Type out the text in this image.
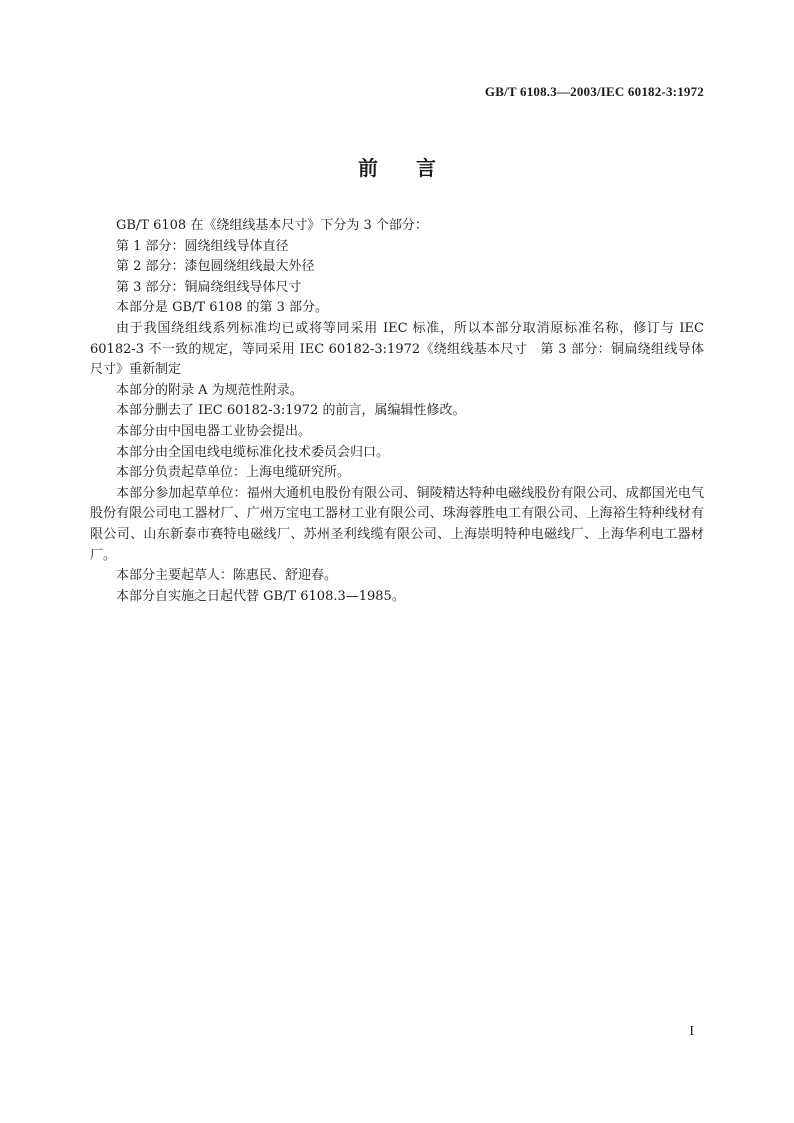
GB/T 6108.3—2003/IEC 60182-3:1972
前言

GB/T 6108 在《绕组线基本尺寸》下分为 3 个部分：

第 1 部分：圆绕组线导体直径

第 2 部分：漆包圆绕组线最大外径

第 3 部分：铜扁绕组线导体尺寸

本部分是 GB/T 6108 的第 3 部分。

由于我国绕组线系列标准均已或将等同采用 IEC 标准，所以本部分取消原标准名称，修订与 IEC 60182-3 不一致的规定，等同采用 IEC 60182-3:1972《绕组线基本尺寸　第 3 部分：铜扁绕组线导体尺寸》重新制定

本部分的附录 A 为规范性附录。

本部分删去了 IEC 60182-3:1972 的前言，属编辑性修改。

本部分由中国电器工业协会提出。

本部分由全国电线电缆标准化技术委员会归口。

本部分负责起草单位：上海电缆研究所。

本部分参加起草单位：福州大通机电股份有限公司、铜陵精达特种电磁线股份有限公司、成都国光电气股份有限公司电工器材厂、广州万宝电工器材工业有限公司、珠海蓉胜电工有限公司、上海裕生特种线材有限公司、山东新泰市赛特电磁线厂、苏州圣利线缆有限公司、上海崇明特种电磁线厂、上海华利电工器材厂。

本部分主要起草人：陈惠民、舒迎春。

本部分自实施之日起代替 GB/T 6108.3—1985。

I
